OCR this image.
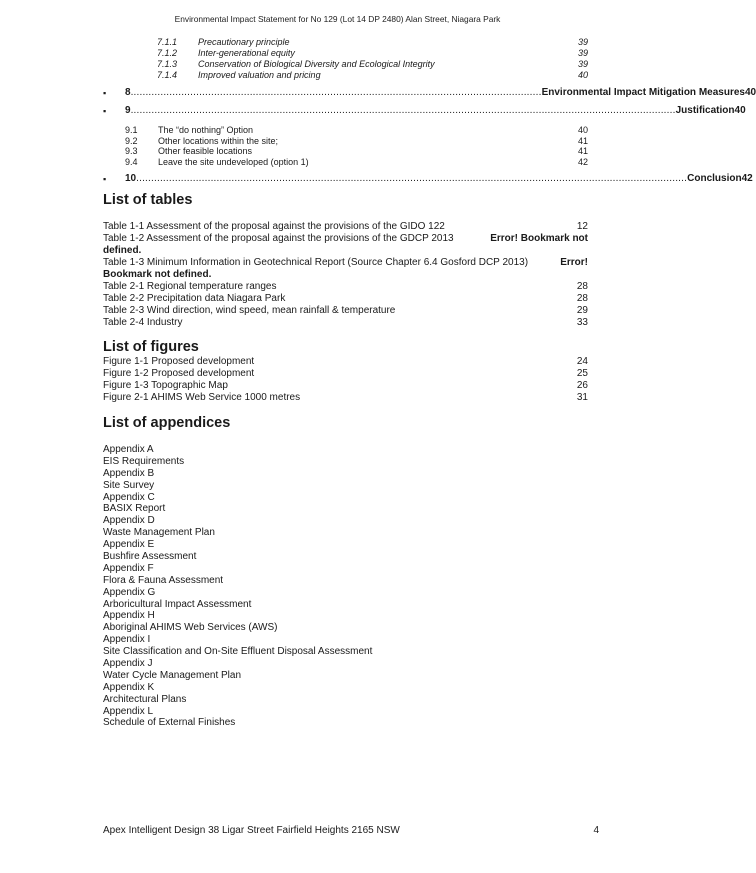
Environmental Impact Statement for No 129 (Lot 14 DP 2480) Alan Street, Niagara Park
7.1.1	Precautionary principle	39
7.1.2	Inter-generational equity	39
7.1.3	Conservation of Biological Diversity and Ecological Integrity	39
7.1.4	Improved valuation and pricing	40
▪ 8 .......................................................................................................................................... Environmental Impact Mitigation Measures 40
▪ 9 ....................................................................................................................................................................................... Justification 40
9.1	The “do nothing” Option	40
9.2	Other locations within the site;	41
9.3	Other feasible locations	41
9.4	Leave the site undeveloped (option 1)	42
▪ 10 ......................................................................................................................................................................................... Conclusion 42
List of tables
Table 1-1 Assessment of the proposal against the provisions of the GIDO 122	12
Table 1-2 Assessment of the proposal against the provisions of the GDCP 2013	Error! Bookmark not
defined.
Table 1-3 Minimum Information in Geotechnical Report (Source Chapter 6.4 Gosford DCP 2013)	Error!
Bookmark not defined.
Table 2-1 Regional temperature ranges	28
Table 2-2 Precipitation data Niagara Park	28
Table 2-3 Wind direction, wind speed, mean rainfall & temperature	29
Table 2-4 Industry	33
List of figures
Figure 1-1 Proposed development	24
Figure 1-2 Proposed development	25
Figure 1-3 Topographic Map	26
Figure 2-1 AHIMS Web Service 1000 metres	31
List of appendices
Appendix A
EIS Requirements
Appendix B
Site Survey
Appendix C
BASIX Report
Appendix D
Waste Management Plan
Appendix E
Bushfire Assessment
Appendix F
Flora & Fauna Assessment
Appendix G
Arboricultural Impact Assessment
Appendix H
Aboriginal AHIMS Web Services (AWS)
Appendix I
Site Classification and On-Site Effluent Disposal Assessment
Appendix J
Water Cycle Management Plan
Appendix K
Architectural Plans
Appendix L
Schedule of External Finishes
Apex Intelligent Design 38 Ligar Street Fairfield Heights 2165 NSW	4
